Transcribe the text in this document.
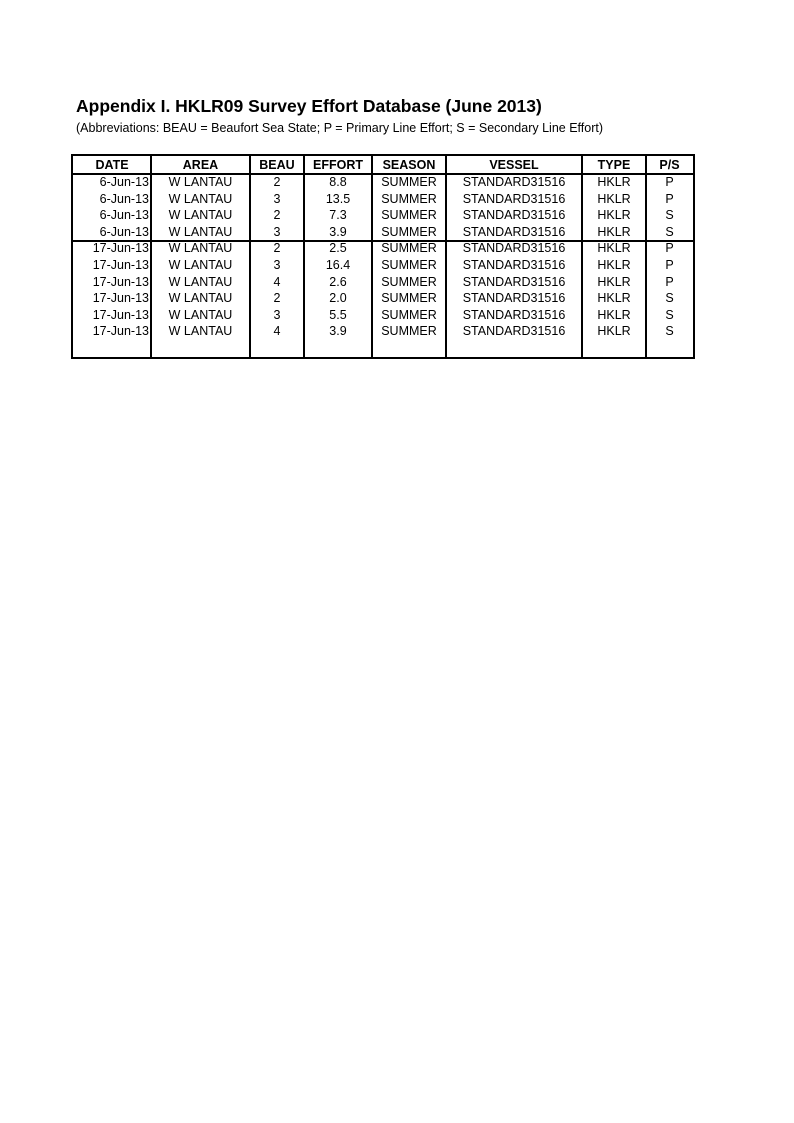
Appendix I. HKLR09 Survey Effort Database (June 2013)
(Abbreviations: BEAU = Beaufort Sea State; P = Primary Line Effort; S = Secondary Line Effort)
DATE	AREA	BEAU	EFFORT	SEASON	VESSEL	TYPE	P/S
6-Jun-13	W LANTAU	2	8.8	SUMMER	STANDARD31516	HKLR	P
6-Jun-13	W LANTAU	3	13.5	SUMMER	STANDARD31516	HKLR	P
6-Jun-13	W LANTAU	2	7.3	SUMMER	STANDARD31516	HKLR	S
6-Jun-13	W LANTAU	3	3.9	SUMMER	STANDARD31516	HKLR	S
17-Jun-13	W LANTAU	2	2.5	SUMMER	STANDARD31516	HKLR	P
17-Jun-13	W LANTAU	3	16.4	SUMMER	STANDARD31516	HKLR	P
17-Jun-13	W LANTAU	4	2.6	SUMMER	STANDARD31516	HKLR	P
17-Jun-13	W LANTAU	2	2.0	SUMMER	STANDARD31516	HKLR	S
17-Jun-13	W LANTAU	3	5.5	SUMMER	STANDARD31516	HKLR	S
17-Jun-13	W LANTAU	4	3.9	SUMMER	STANDARD31516	HKLR	S
